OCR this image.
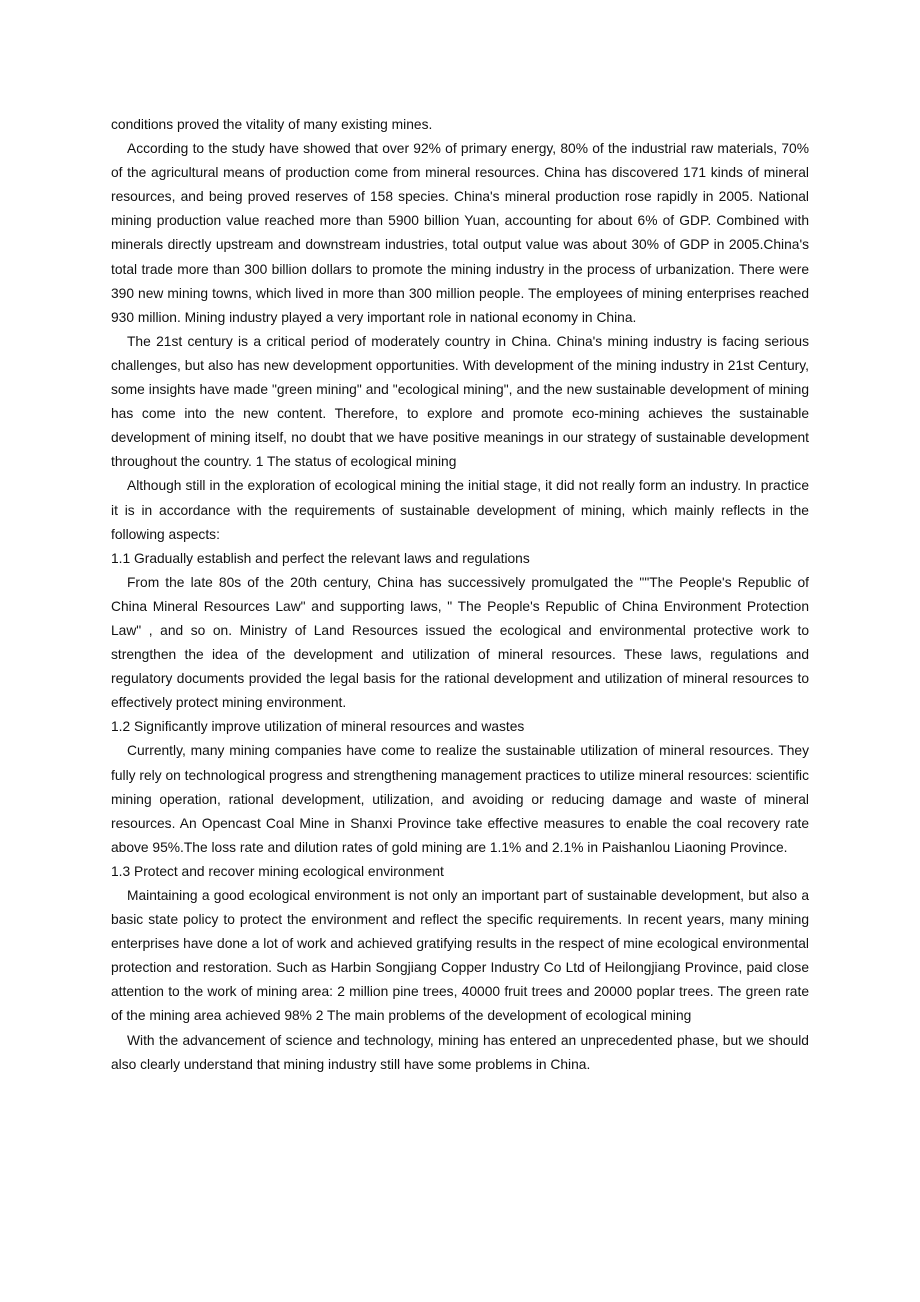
conditions proved the vitality of many existing mines.

According to the study have showed that over 92% of primary energy, 80% of the industrial raw materials, 70% of the agricultural means of production come from mineral resources. China has discovered 171 kinds of mineral resources, and being proved reserves of 158 species. China's mineral production rose rapidly in 2005. National mining production value reached more than 5900 billion Yuan, accounting for about 6% of GDP. Combined with minerals directly upstream and downstream industries, total output value was about 30% of GDP in 2005.China's total trade more than 300 billion dollars to promote the mining industry in the process of urbanization. There were 390 new mining towns, which lived in more than 300 million people. The employees of mining enterprises reached 930 million. Mining industry played a very important role in national economy in China.

The 21st century is a critical period of moderately country in China. China's mining industry is facing serious challenges, but also has new development opportunities. With development of the mining industry in 21st Century, some insights have made "green mining" and "ecological mining", and the new sustainable development of mining has come into the new content. Therefore, to explore and promote eco-mining achieves the sustainable development of mining itself, no doubt that we have positive meanings in our strategy of sustainable development throughout the country. 1 The status of ecological mining

Although still in the exploration of ecological mining the initial stage, it did not really form an industry. In practice it is in accordance with the requirements of sustainable development of mining, which mainly reflects in the following aspects:

1.1 Gradually establish and perfect the relevant laws and regulations

From the late 80s of the 20th century, China has successively promulgated the ""The People's Republic of China Mineral Resources Law" and supporting laws, " The People's Republic of China Environment Protection Law" , and so on. Ministry of Land Resources issued the ecological and environmental protective work to strengthen the idea of the development and utilization of mineral resources. These laws, regulations and regulatory documents provided the legal basis for the rational development and utilization of mineral resources to effectively protect mining environment.

1.2 Significantly improve utilization of mineral resources and wastes

Currently, many mining companies have come to realize the sustainable utilization of mineral resources. They fully rely on technological progress and strengthening management practices to utilize mineral resources: scientific mining operation, rational development, utilization, and avoiding or reducing damage and waste of mineral resources. An Opencast Coal Mine in Shanxi Province take effective measures to enable the coal recovery rate above 95%.The loss rate and dilution rates of gold mining are 1.1% and 2.1% in Paishanlou Liaoning Province.

1.3 Protect and recover mining ecological environment

Maintaining a good ecological environment is not only an important part of sustainable development, but also a basic state policy to protect the environment and reflect the specific requirements. In recent years, many mining enterprises have done a lot of work and achieved gratifying results in the respect of mine ecological environmental protection and restoration. Such as Harbin Songjiang Copper Industry Co Ltd of Heilongjiang Province, paid close attention to the work of mining area: 2 million pine trees, 40000 fruit trees and 20000 poplar trees. The green rate of the mining area achieved 98% 2 The main problems of the development of ecological mining

With the advancement of science and technology, mining has entered an unprecedented phase, but we should also clearly understand that mining industry still have some problems in China.
